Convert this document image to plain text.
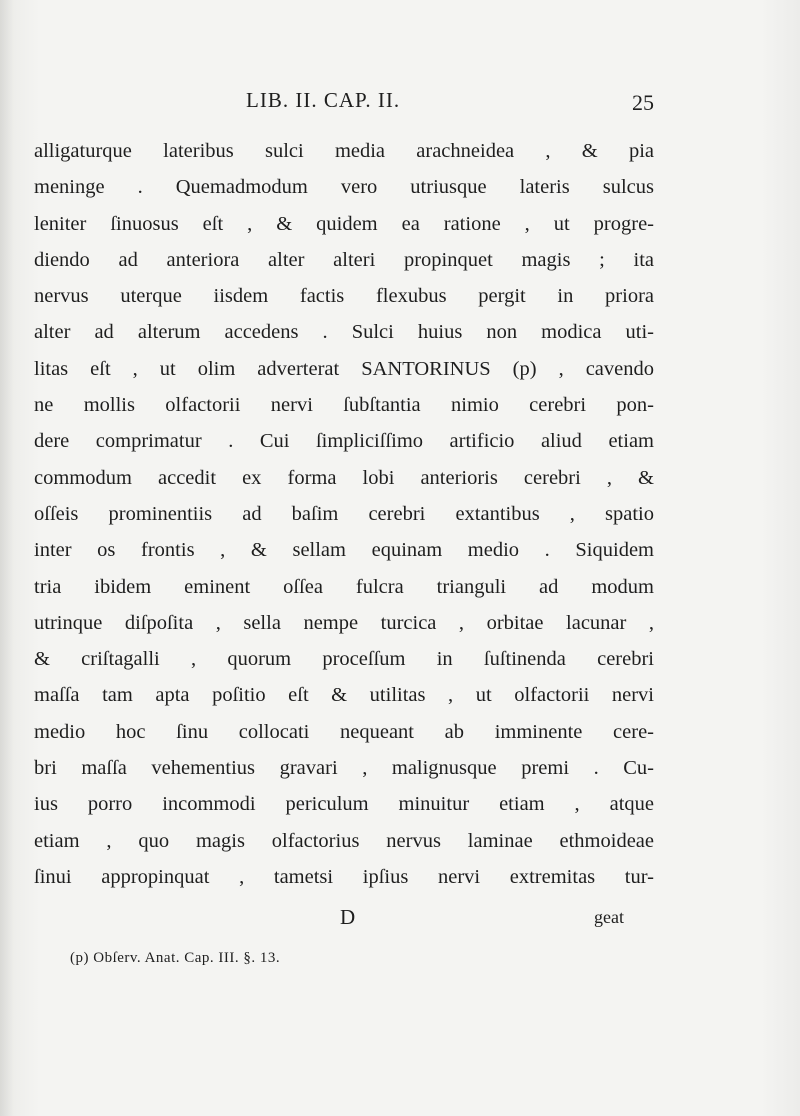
LIB. II. CAP. II.	25
alligaturque lateribus sulci media arachneidea , & pia
meninge . Quemadmodum vero utriusque lateris sulcus
leniter ſinuosus eſt , & quidem ea ratione , ut progre-
diendo ad anteriora alter alteri propinquet magis ; ita
nervus uterque iisdem factis flexubus pergit in priora
alter ad alterum accedens . Sulci huius non modica uti-
litas eſt , ut olim adverterat SANTORINUS (p) , cavendo
ne mollis olfactorii nervi ſubſtantia nimio cerebri pon-
dere comprimatur . Cui ſimpliciſſimo artificio aliud etiam
commodum accedit ex forma lobi anterioris cerebri , &
oſſeis prominentiis ad baſim cerebri extantibus , spatio
inter os frontis , & sellam equinam medio . Siquidem
tria ibidem eminent oſſea fulcra trianguli ad modum
utrinque diſpoſita , sella nempe turcica , orbitae lacunar ,
& criſtagalli , quorum proceſſum in ſuſtinenda cerebri
maſſa tam apta poſitio eſt & utilitas , ut olfactorii nervi
medio hoc ſinu collocati nequeant ab imminente cere-
bri maſſa vehementius gravari , malignusque premi . Cu-
ius porro incommodi periculum minuitur etiam , atque
etiam , quo magis olfactorius nervus laminae ethmoideae
ſinui appropinquat , tametsi ipſius nervi extremitas tur-
D	geat
(p) Obſerv. Anat. Cap. III. §. 13.
